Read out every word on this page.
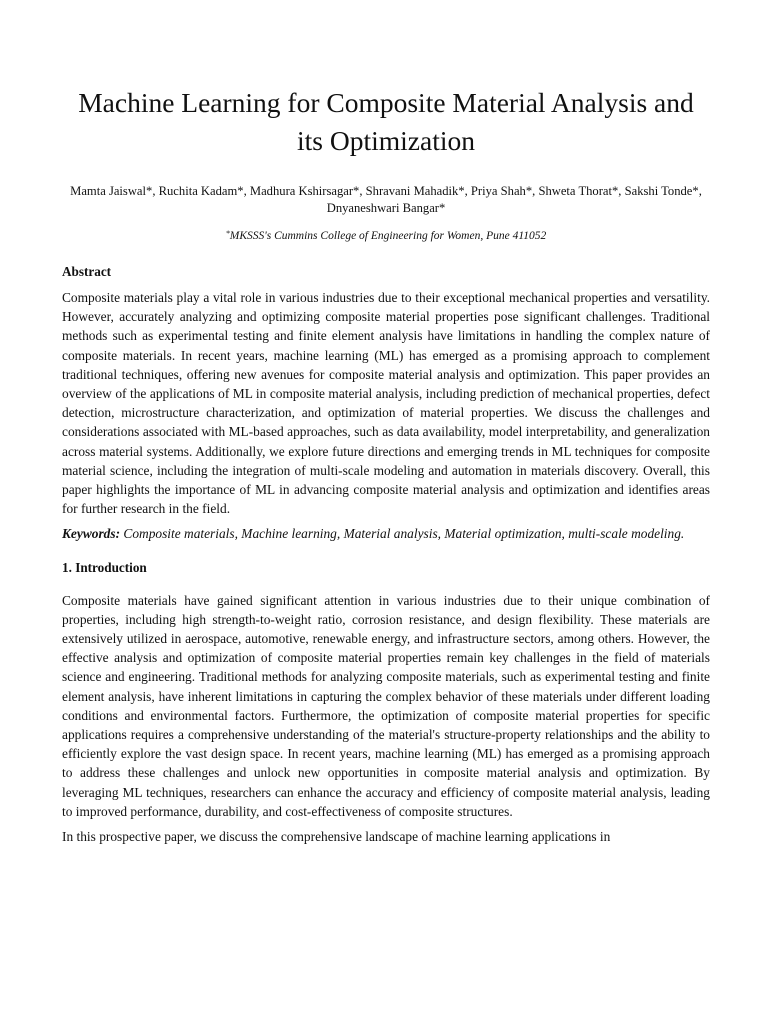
Machine Learning for Composite Material Analysis and its Optimization

Mamta Jaiswal*, Ruchita Kadam*, Madhura Kshirsagar*, Shravani Mahadik*, Priya Shah*, Shweta Thorat*, Sakshi Tonde*, Dnyaneshwari Bangar*

*MKSSS's Cummins College of Engineering for Women, Pune 411052

Abstract

Composite materials play a vital role in various industries due to their exceptional mechanical properties and versatility. However, accurately analyzing and optimizing composite material properties pose significant challenges. Traditional methods such as experimental testing and finite element analysis have limitations in handling the complex nature of composite materials. In recent years, machine learning (ML) has emerged as a promising approach to complement traditional techniques, offering new avenues for composite material analysis and optimization. This paper provides an overview of the applications of ML in composite material analysis, including prediction of mechanical properties, defect detection, microstructure characterization, and optimization of material properties. We discuss the challenges and considerations associated with ML-based approaches, such as data availability, model interpretability, and generalization across material systems. Additionally, we explore future directions and emerging trends in ML techniques for composite material science, including the integration of multi-scale modeling and automation in materials discovery. Overall, this paper highlights the importance of ML in advancing composite material analysis and optimization and identifies areas for further research in the field.

Keywords: Composite materials, Machine learning, Material analysis, Material optimization, multi-scale modeling.

1. Introduction

Composite materials have gained significant attention in various industries due to their unique combination of properties, including high strength-to-weight ratio, corrosion resistance, and design flexibility. These materials are extensively utilized in aerospace, automotive, renewable energy, and infrastructure sectors, among others. However, the effective analysis and optimization of composite material properties remain key challenges in the field of materials science and engineering. Traditional methods for analyzing composite materials, such as experimental testing and finite element analysis, have inherent limitations in capturing the complex behavior of these materials under different loading conditions and environmental factors. Furthermore, the optimization of composite material properties for specific applications requires a comprehensive understanding of the material's structure-property relationships and the ability to efficiently explore the vast design space. In recent years, machine learning (ML) has emerged as a promising approach to address these challenges and unlock new opportunities in composite material analysis and optimization. By leveraging ML techniques, researchers can enhance the accuracy and efficiency of composite material analysis, leading to improved performance, durability, and cost-effectiveness of composite structures.

In this prospective paper, we discuss the comprehensive landscape of machine learning applications in
